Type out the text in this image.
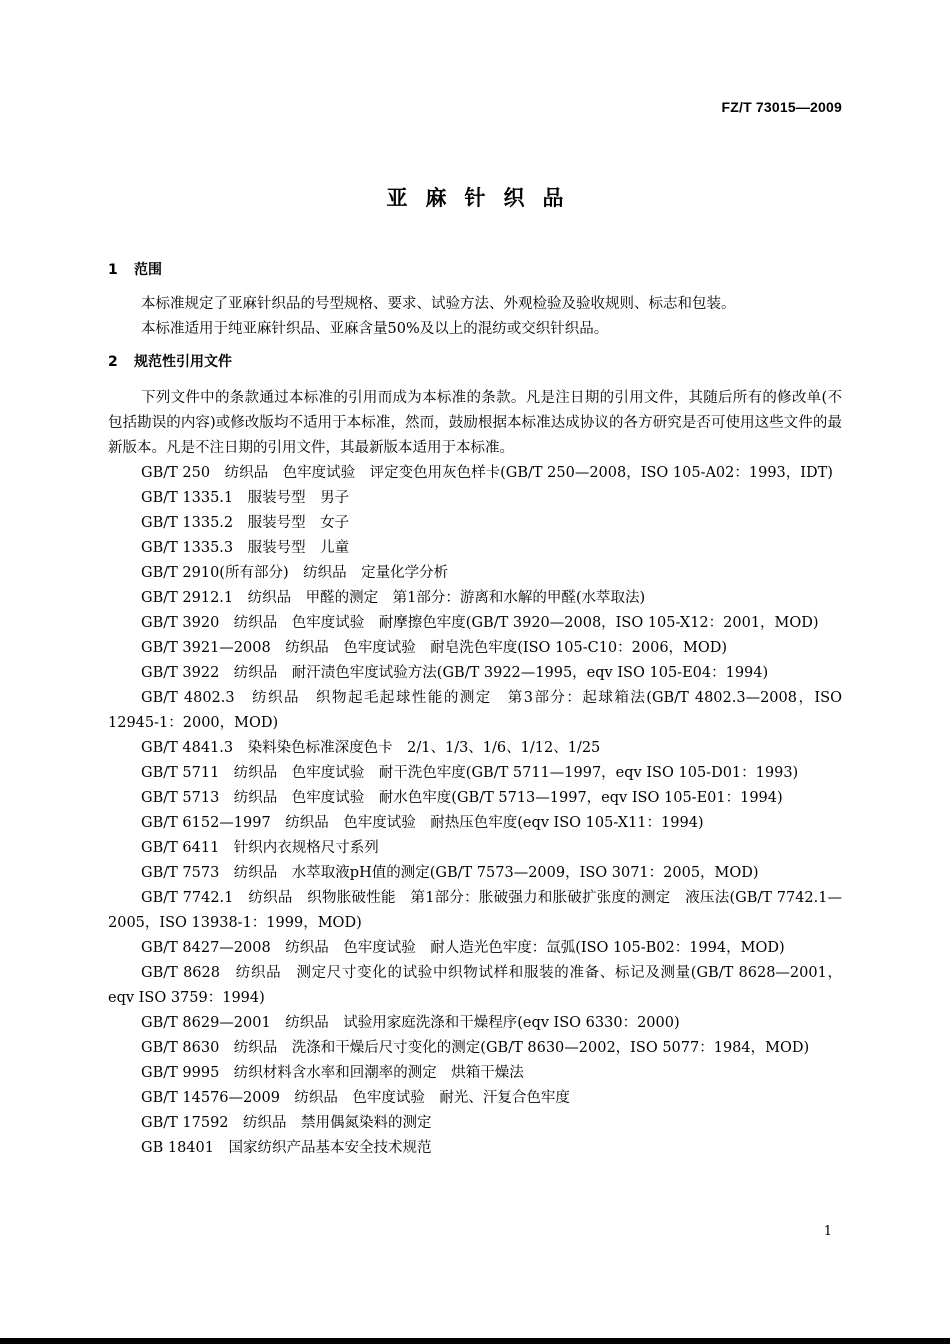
FZ/T 73015—2009
亚麻针织品
1 范围

本标准规定了亚麻针织品的号型规格、要求、试验方法、外观检验及验收规则、标志和包装。

本标准适用于纯亚麻针织品、亚麻含量50%及以上的混纺或交织针织品。

2 规范性引用文件

下列文件中的条款通过本标准的引用而成为本标准的条款。凡是注日期的引用文件，其随后所有的修改单(不包括勘误的内容)或修改版均不适用于本标准，然而，鼓励根据本标准达成协议的各方研究是否可使用这些文件的最新版本。凡是不注日期的引用文件，其最新版本适用于本标准。

GB/T 250　纺织品　色牢度试验　评定变色用灰色样卡(GB/T 250—2008，ISO 105-A02：1993，IDT)

GB/T 1335.1　服装号型　男子

GB/T 1335.2　服装号型　女子

GB/T 1335.3　服装号型　儿童

GB/T 2910(所有部分)　纺织品　定量化学分析

GB/T 2912.1　纺织品　甲醛的测定　第1部分：游离和水解的甲醛(水萃取法)

GB/T 3920　纺织品　色牢度试验　耐摩擦色牢度(GB/T 3920—2008，ISO 105-X12：2001，MOD)

GB/T 3921—2008　纺织品　色牢度试验　耐皂洗色牢度(ISO 105-C10：2006，MOD)

GB/T 3922　纺织品　耐汗渍色牢度试验方法(GB/T 3922—1995，eqv ISO 105-E04：1994)

GB/T 4802.3　纺织品　织物起毛起球性能的测定　第3部分：起球箱法(GB/T 4802.3—2008，ISO 12945-1：2000，MOD)

GB/T 4841.3　染料染色标准深度色卡　2/1、1/3、1/6、1/12、1/25

GB/T 5711　纺织品　色牢度试验　耐干洗色牢度(GB/T 5711—1997，eqv ISO 105-D01：1993)

GB/T 5713　纺织品　色牢度试验　耐水色牢度(GB/T 5713—1997，eqv ISO 105-E01：1994)

GB/T 6152—1997　纺织品　色牢度试验　耐热压色牢度(eqv ISO 105-X11：1994)

GB/T 6411　针织内衣规格尺寸系列

GB/T 7573　纺织品　水萃取液pH值的测定(GB/T 7573—2009，ISO 3071：2005，MOD)

GB/T 7742.1　纺织品　织物胀破性能　第1部分：胀破强力和胀破扩张度的测定　液压法(GB/T 7742.1—2005，ISO 13938-1：1999，MOD)

GB/T 8427—2008　纺织品　色牢度试验　耐人造光色牢度：氙弧(ISO 105-B02：1994，MOD)

GB/T 8628　纺织品　测定尺寸变化的试验中织物试样和服装的准备、标记及测量(GB/T 8628—2001，eqv ISO 3759：1994)

GB/T 8629—2001　纺织品　试验用家庭洗涤和干燥程序(eqv ISO 6330：2000)

GB/T 8630　纺织品　洗涤和干燥后尺寸变化的测定(GB/T 8630—2002，ISO 5077：1984，MOD)

GB/T 9995　纺织材料含水率和回潮率的测定　烘箱干燥法

GB/T 14576—2009　纺织品　色牢度试验　耐光、汗复合色牢度

GB/T 17592　纺织品　禁用偶氮染料的测定

GB 18401　国家纺织产品基本安全技术规范

1
